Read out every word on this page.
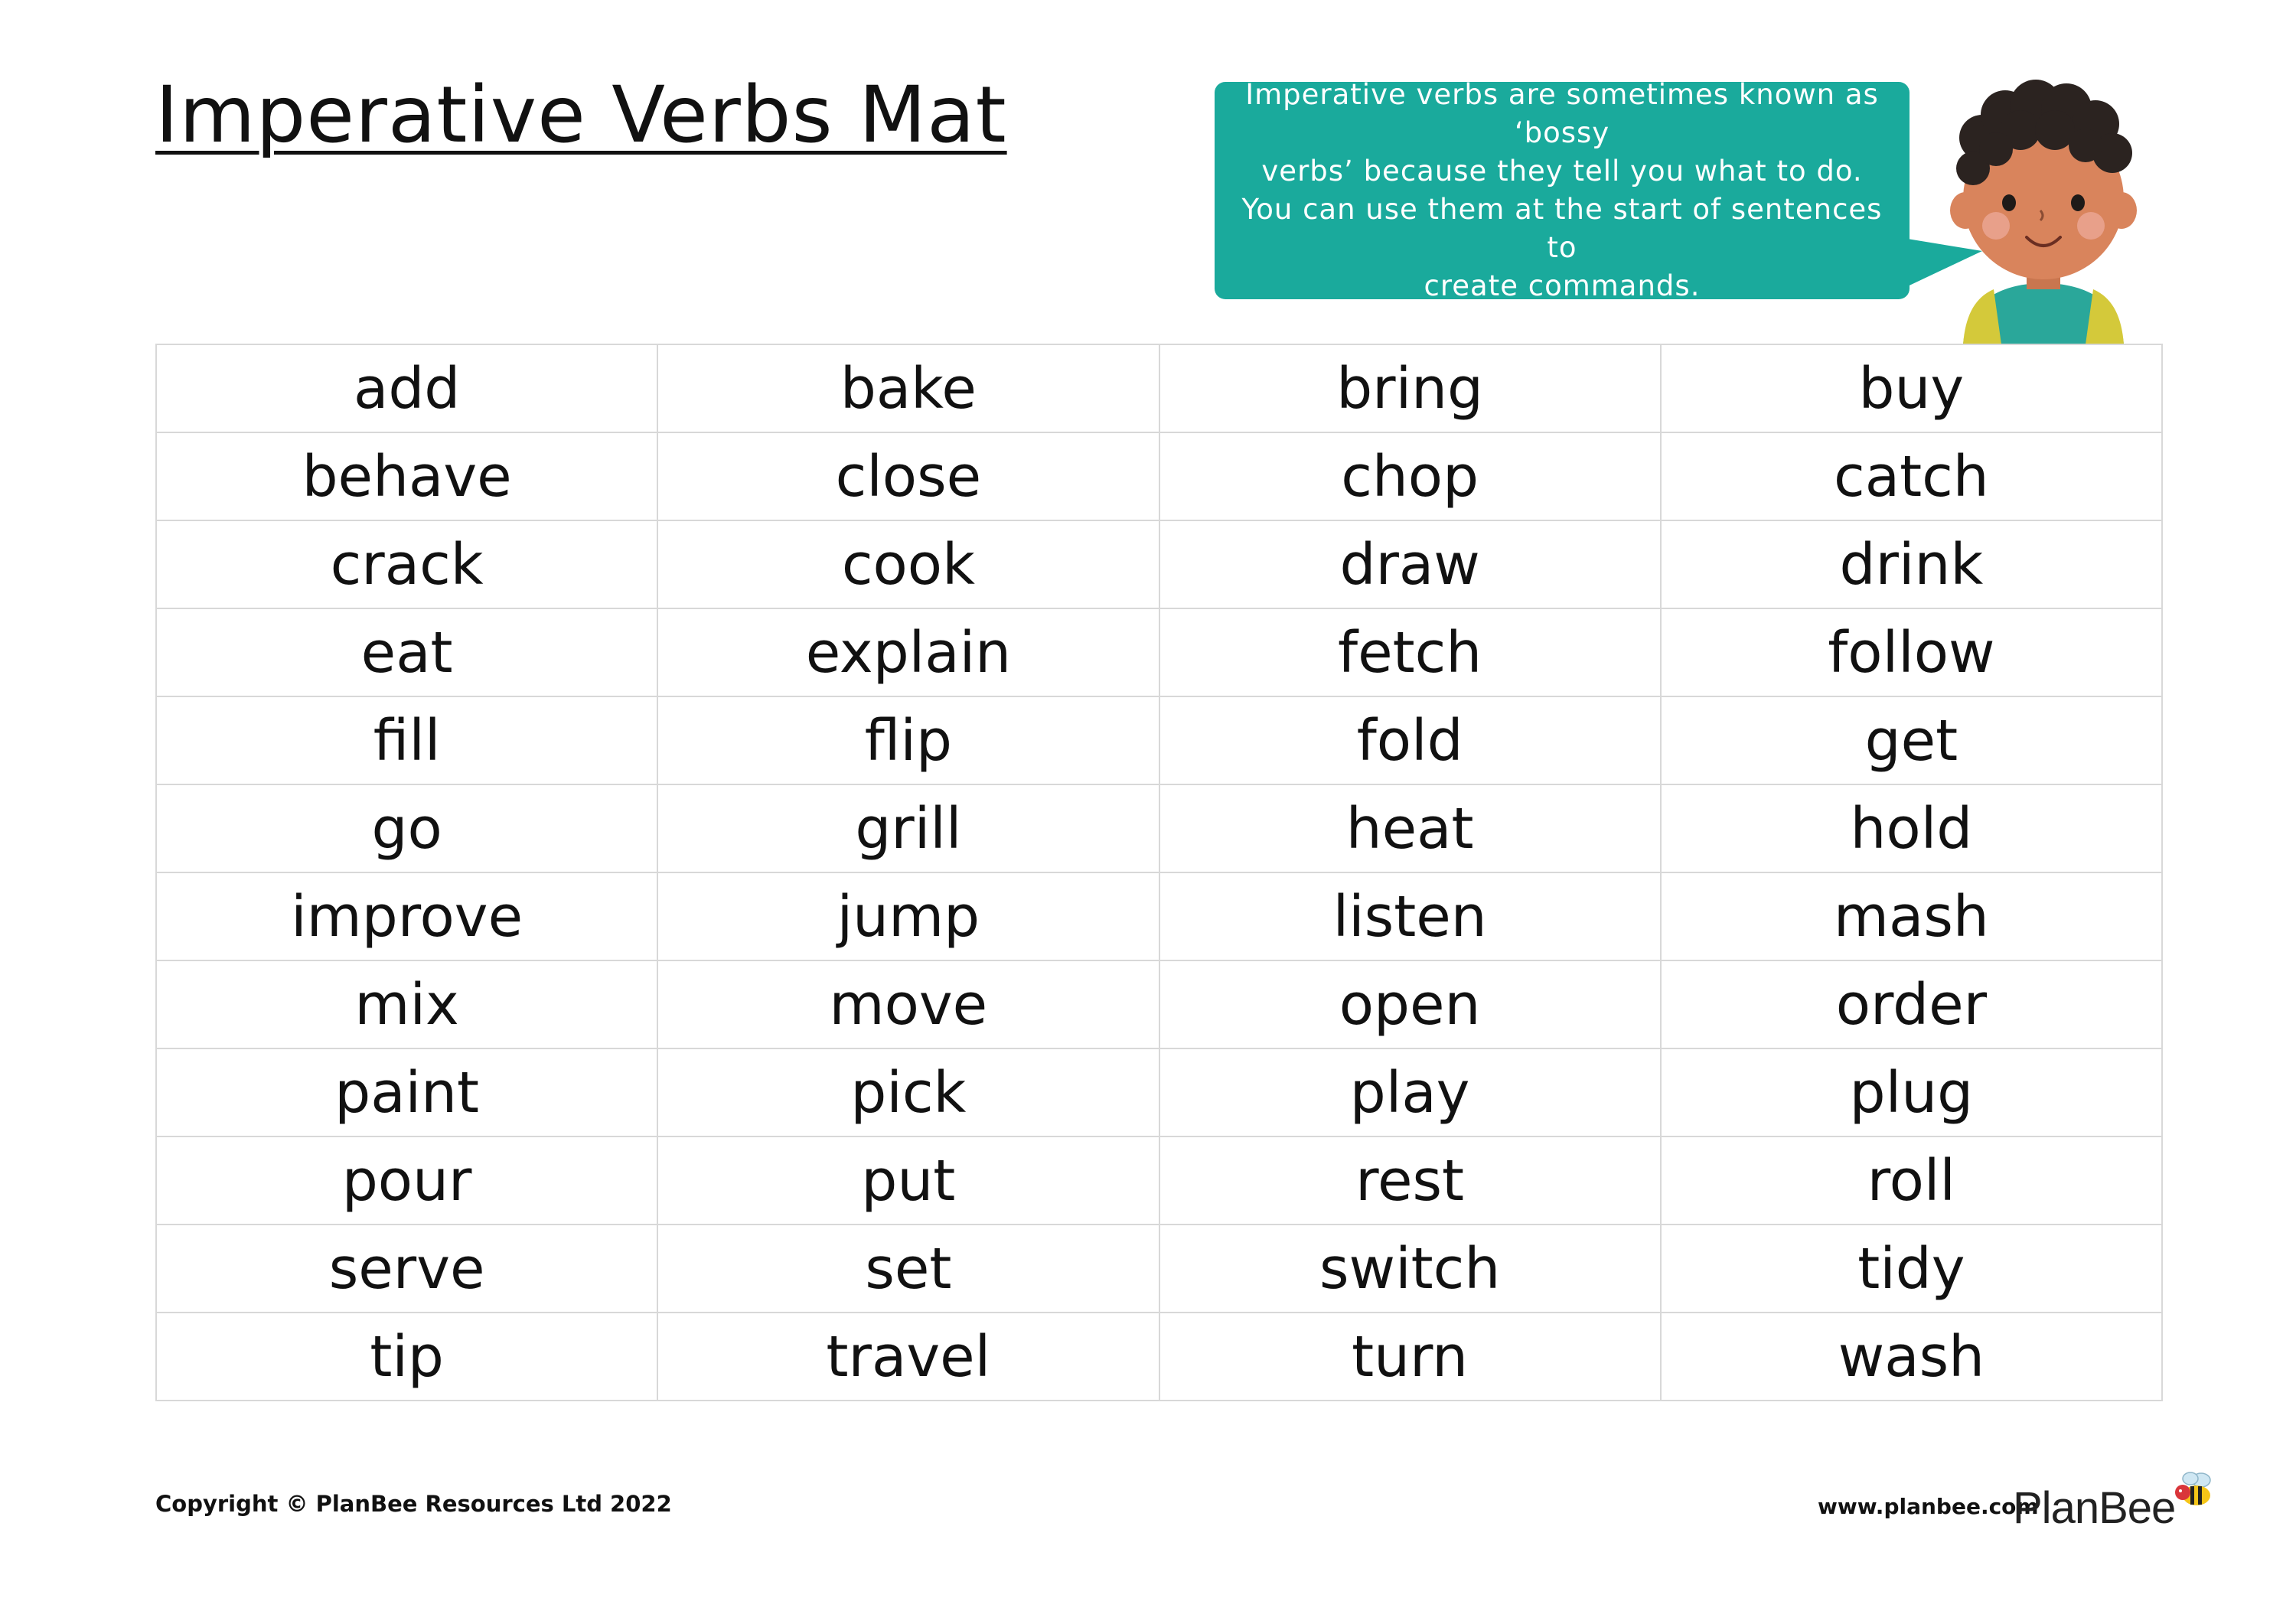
Imperative Verbs Mat	Imperative verbs are sometimes known as ‘bossy
verbs’ because they tell you what to do.
You can use them at the start of sentences to
create commands.
add	bake	bring	buy
behave	close	chop	catch
crack	cook	draw	drink
eat	explain	fetch	follow
fill	flip	fold	get
go	grill	heat	hold
improve	jump	listen	mash
mix	move	open	order
paint	pick	play	plug
pour	put	rest	roll
serve	set	switch	tidy
tip	travel	turn	wash
Copyright © PlanBee Resources Ltd 2022	www.planbee.com
PlanBee
